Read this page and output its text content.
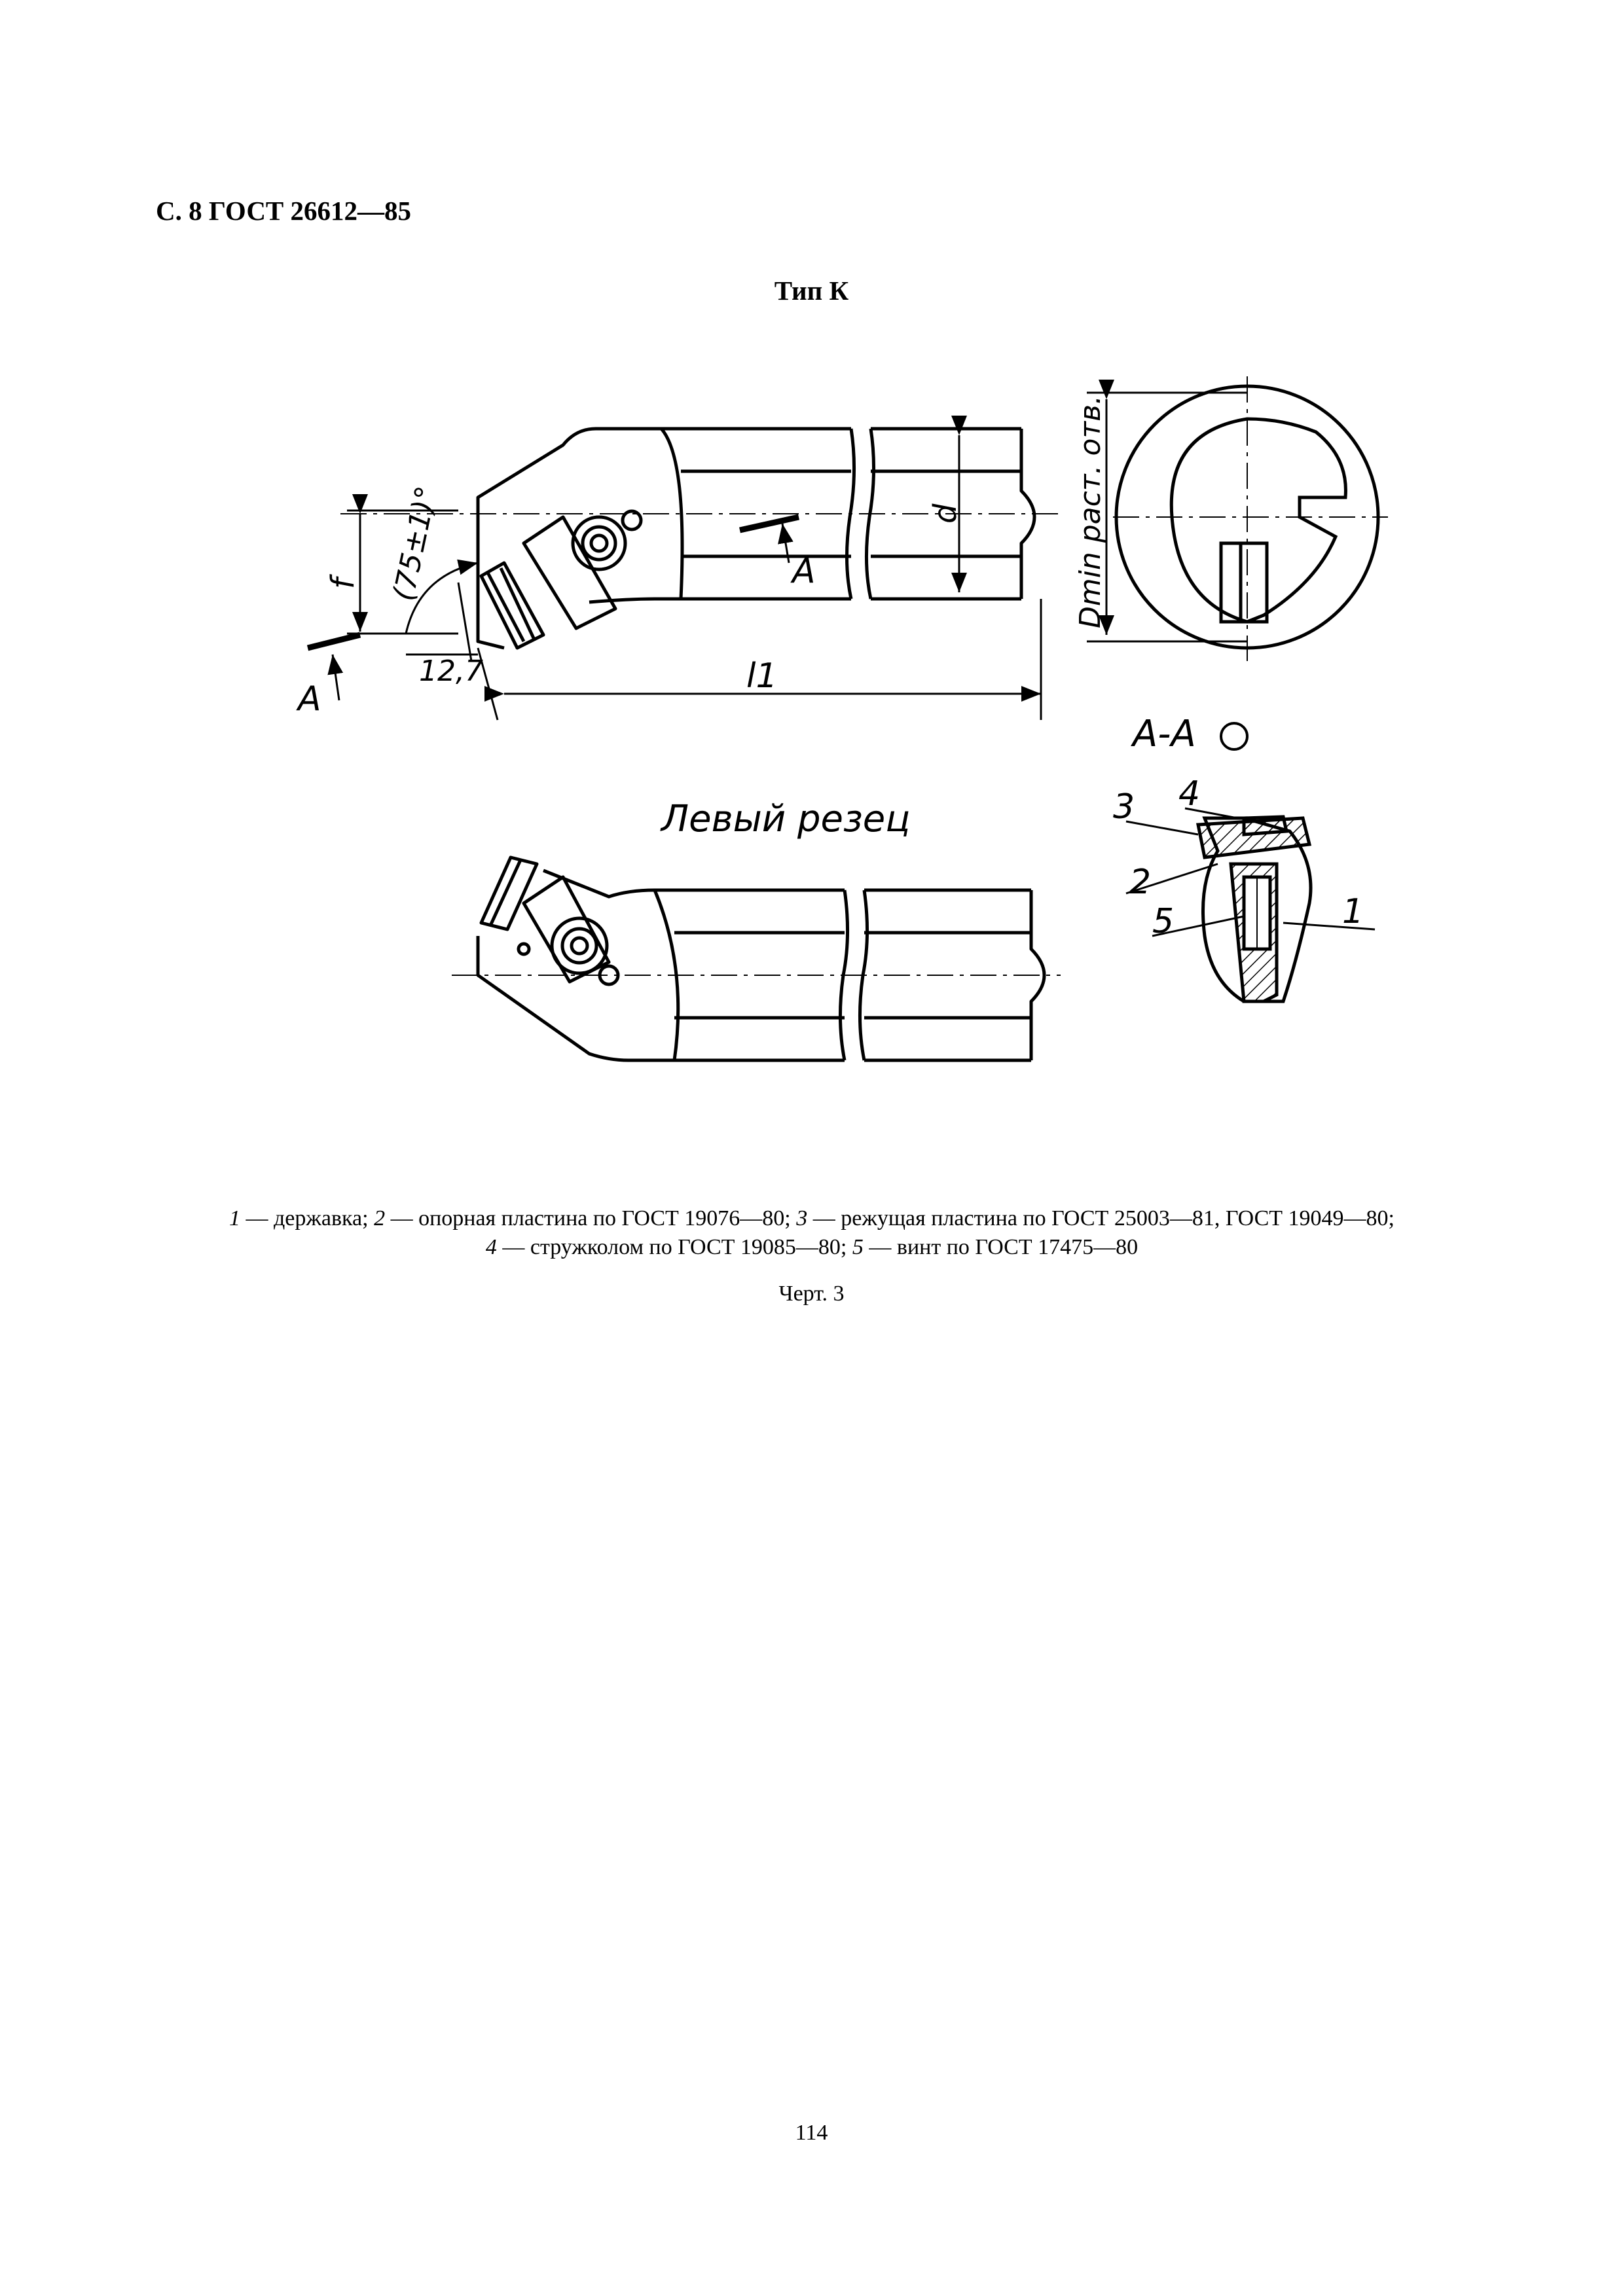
С. 8 ГОСТ 26612—85
Тип К
А
А
f (75±1)°
12,7	l1
d	Dmin раст. отв.
А-А
3 4
2
5	1
Левый резец
1 — державка; 2 — опорная пластина по ГОСТ 19076—80; 3 — режущая пластина по ГОСТ 25003—81, ГОСТ 19049—80;
4 — стружколом по ГОСТ 19085—80; 5 — винт по ГОСТ 17475—80
Черт. 3
114
